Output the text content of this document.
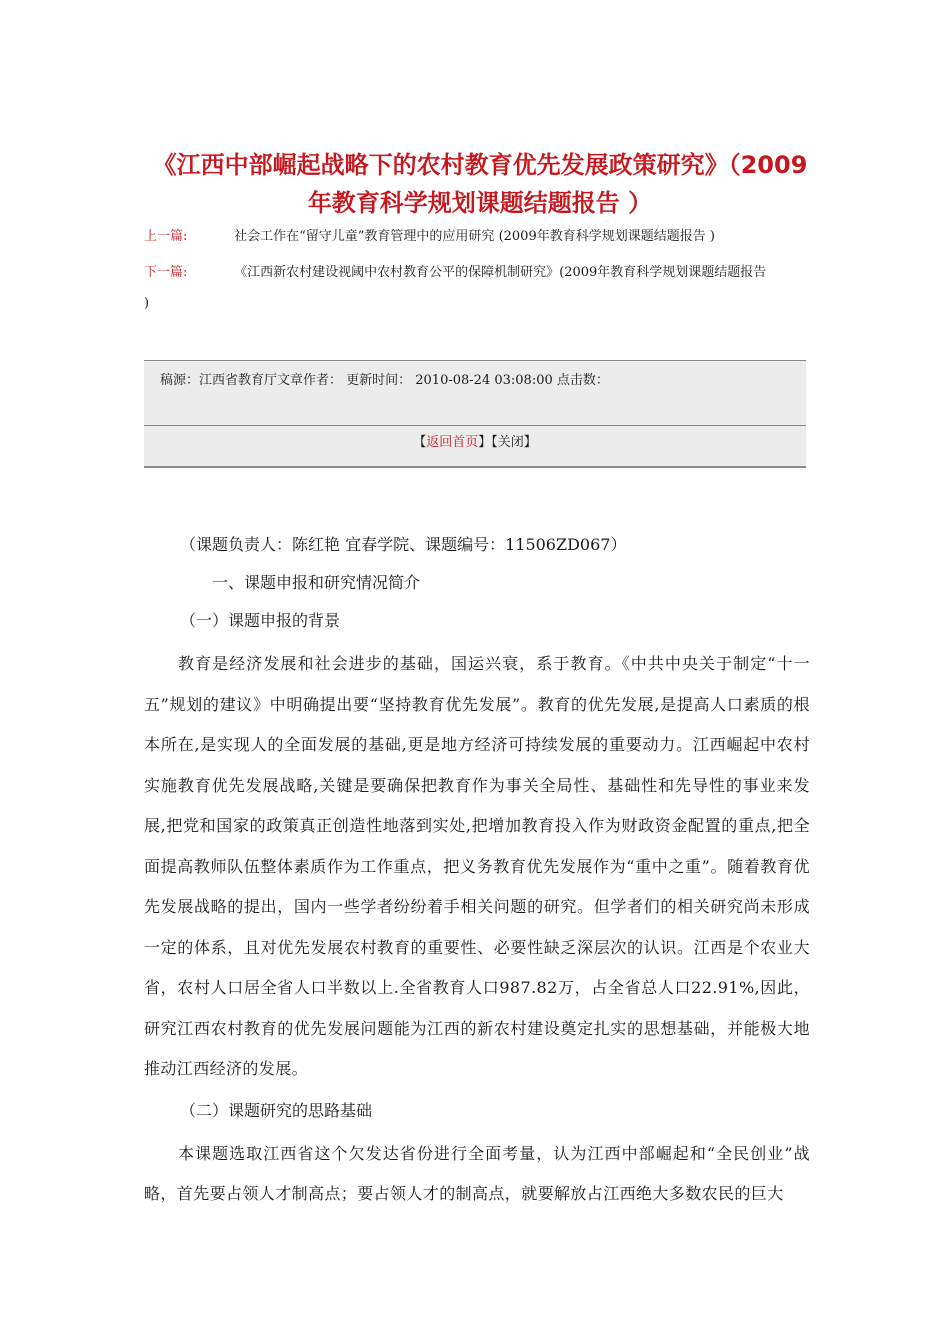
《江西中部崛起战略下的农村教育优先发展政策研究》（2009年教育科学规划课题结题报告 ）
上一篇:	社会工作在“留守儿童”教育管理中的应用研究 (2009年教育科学规划课题结题报告 )
下一篇:	《江西新农村建设视阈中农村教育公平的保障机制研究》(2009年教育科学规划课题结题报告
)
稿源：江西省教育厅文章作者： 更新时间： 2010-08-24 03:08:00 点击数：
【返回首页】【关闭】

（课题负责人：陈红艳 宜春学院、课题编号：11506ZD067）

一、课题申报和研究情况简介

（一）课题申报的背景

教育是经济发展和社会进步的基础，国运兴衰，系于教育。《中共中央关于制定“十一五”规划的建议》中明确提出要“坚持教育优先发展”。教育的优先发展,是提高人口素质的根本所在,是实现人的全面发展的基础,更是地方经济可持续发展的重要动力。江西崛起中农村实施教育优先发展战略,关键是要确保把教育作为事关全局性、基础性和先导性的事业来发展,把党和国家的政策真正创造性地落到实处,把增加教育投入作为财政资金配置的重点,把全面提高教师队伍整体素质作为工作重点，把义务教育优先发展作为“重中之重”。随着教育优先发展战略的提出，国内一些学者纷纷着手相关问题的研究。但学者们的相关研究尚未形成一定的体系，且对优先发展农村教育的重要性、必要性缺乏深层次的认识。江西是个农业大省，农村人口居全省人口半数以上.全省教育人口987.82万，占全省总人口22.91%,因此，研究江西农村教育的优先发展问题能为江西的新农村建设奠定扎实的思想基础，并能极大地推动江西经济的发展。

（二）课题研究的思路基础

本课题选取江西省这个欠发达省份进行全面考量，认为江西中部崛起和“全民创业”战略，首先要占领人才制高点；要占领人才的制高点，就要解放占江西绝大多数农民的巨大
